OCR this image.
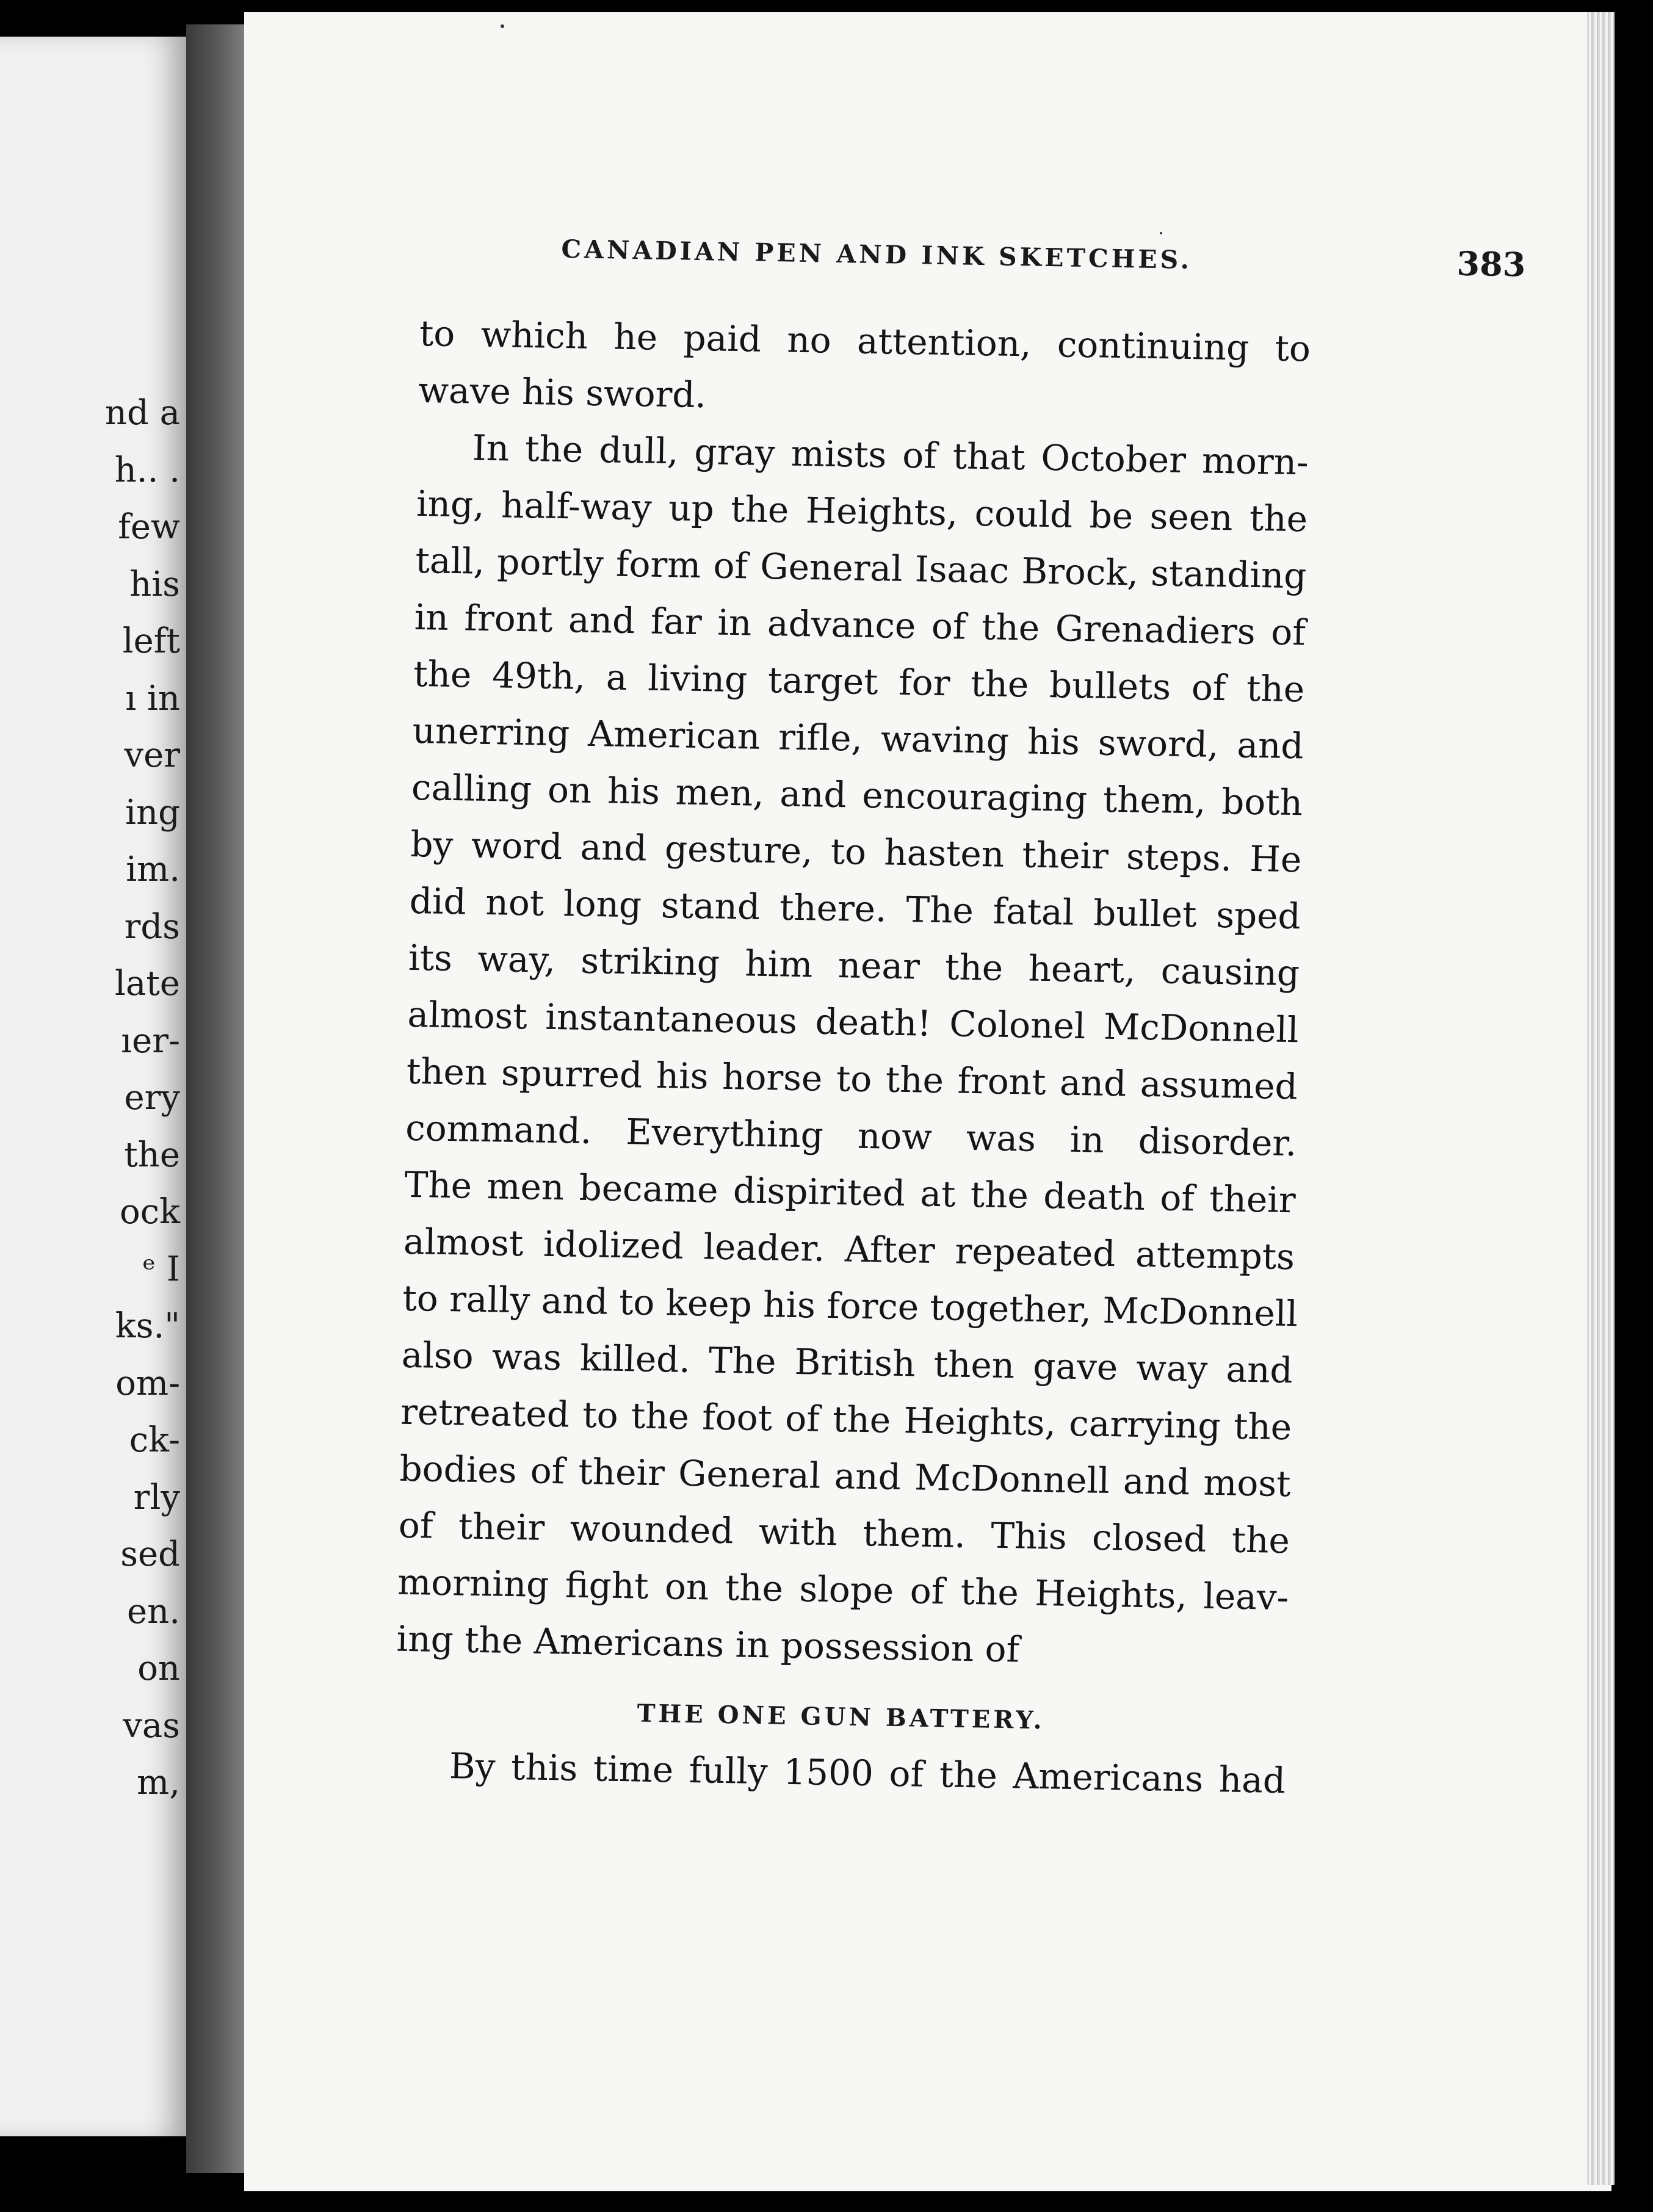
nd a
h.. .
few
his
left
ı in
ver
ing
im.
rds
late
ıer-
ery
the
ock
ᵉ I
ks."
om-
ck-
rly
sed
en.
on
vas
m,
CANADIAN PEN AND INK SKETCHES.	383
to which he paid no attention, continuing to
wave his sword.
In the dull, gray mists of that October morn-
ing, half-way up the Heights, could be seen the
tall, portly form of General Isaac Brock, standing
in front and far in advance of the Grenadiers of
the 49th, a living target for the bullets of the
unerring American rifle, waving his sword, and
calling on his men, and encouraging them, both
by word and gesture, to hasten their steps. He
did not long stand there. The fatal bullet sped
its way, striking him near the heart, causing
almost instantaneous death! Colonel McDonnell
then spurred his horse to the front and assumed
command. Everything now was in disorder.
The men became dispirited at the death of their
almost idolized leader. After repeated attempts
to rally and to keep his force together, McDonnell
also was killed. The British then gave way and
retreated to the foot of the Heights, carrying the
bodies of their General and McDonnell and most
of their wounded with them. This closed the
morning fight on the slope of the Heights, leav-
ing the Americans in possession of
THE ONE GUN BATTERY.
By this time fully 1500 of the Americans had
